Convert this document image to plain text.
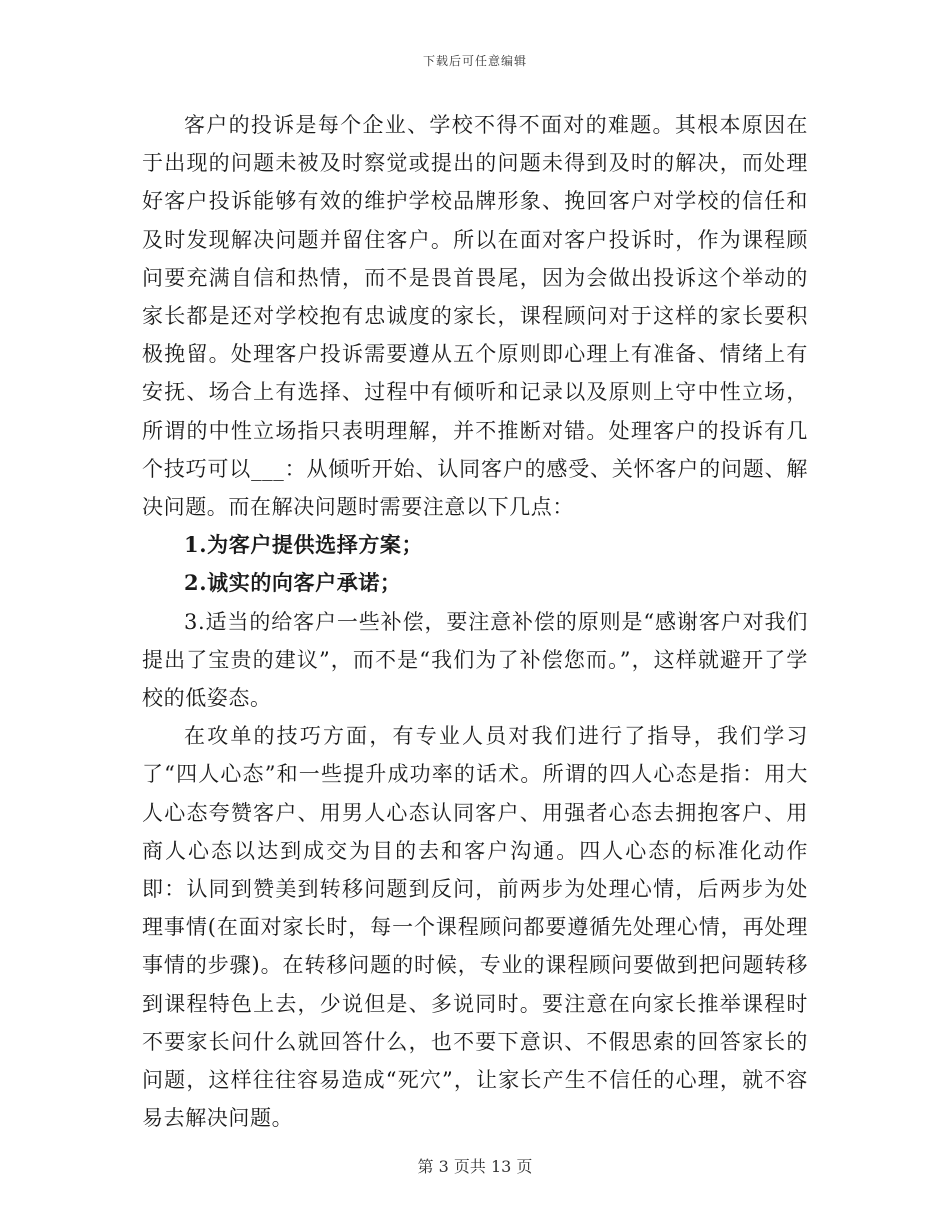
下载后可任意编辑

客户的投诉是每个企业、学校不得不面对的难题。其根本原因在于出现的问题未被及时察觉或提出的问题未得到及时的解决，而处理好客户投诉能够有效的维护学校品牌形象、挽回客户对学校的信任和及时发现解决问题并留住客户。所以在面对客户投诉时，作为课程顾问要充满自信和热情，而不是畏首畏尾，因为会做出投诉这个举动的家长都是还对学校抱有忠诚度的家长，课程顾问对于这样的家长要积极挽留。处理客户投诉需要遵从五个原则即心理上有准备、情绪上有安抚、场合上有选择、过程中有倾听和记录以及原则上守中性立场，所谓的中性立场指只表明理解，并不推断对错。处理客户的投诉有几个技巧可以___：从倾听开始、认同客户的感受、关怀客户的问题、解决问题。而在解决问题时需要注意以下几点：

1.为客户提供选择方案；

2.诚实的向客户承诺；

3.适当的给客户一些补偿，要注意补偿的原则是“感谢客户对我们提出了宝贵的建议”，而不是“我们为了补偿您而。”，这样就避开了学校的低姿态。

在攻单的技巧方面，有专业人员对我们进行了指导，我们学习了“四人心态”和一些提升成功率的话术。所谓的四人心态是指：用大人心态夸赞客户、用男人心态认同客户、用强者心态去拥抱客户、用商人心态以达到成交为目的去和客户沟通。四人心态的标准化动作即：认同到赞美到转移问题到反问，前两步为处理心情，后两步为处理事情(在面对家长时，每一个课程顾问都要遵循先处理心情，再处理事情的步骤)。在转移问题的时候，专业的课程顾问要做到把问题转移到课程特色上去，少说但是、多说同时。要注意在向家长推举课程时不要家长问什么就回答什么，也不要下意识、不假思索的回答家长的问题，这样往往容易造成“死穴”，让家长产生不信任的心理，就不容易去解决问题。

第 3 页共 13 页
